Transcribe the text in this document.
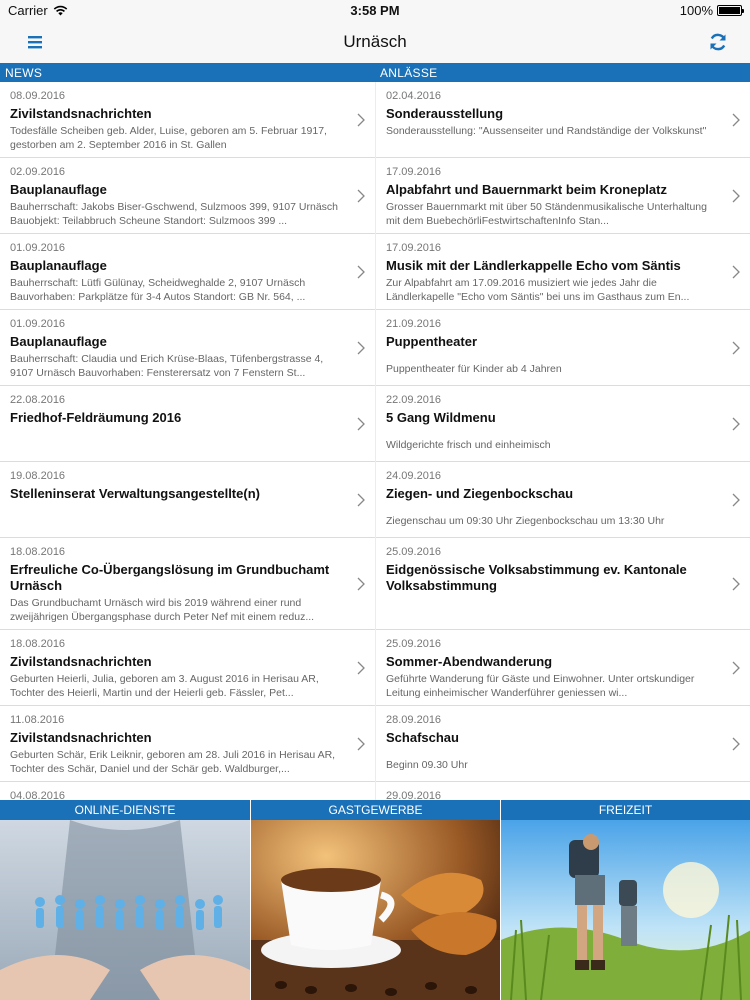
Carrier	3:58 PM	100%
Urnäsch
NEWS	ANLÄSSE
08.09.2016
Zivilstandsnachrichten
Todesfälle Scheiben geb. Alder, Luise, geboren am 5. Februar 1917, gestorben am 2. September 2016 in St. Gallen
02.09.2016
Bauplanauflage
Bauherrschaft: Jakobs Biser-Gschwend, Sulzmoos 399, 9107 Urnäsch Bauobjekt: Teilabbruch Scheune Standort: Sulzmoos 399 ...
01.09.2016
Bauplanauflage
Bauherrschaft: Lütfi Gülünay, Scheidweghalde 2, 9107 Urnäsch Bauvorhaben: Parkplätze für 3-4 Autos Standort: GB Nr. 564, ...
01.09.2016
Bauplanauflage
Bauherrschaft: Claudia und Erich Krüse-Blaas, Tüfenbergstrasse 4, 9107 Urnäsch Bauvorhaben: Fensterersatz von 7 Fenstern St...
22.08.2016
Friedhof-Feldräumung 2016
19.08.2016
Stelleninserat Verwaltungsangestellte(n)
18.08.2016
Erfreuliche Co-Übergangslösung im Grundbuchamt Urnäsch
Das Grundbuchamt Urnäsch wird bis 2019 während einer rund zweijährigen Übergangsphase durch Peter Nef mit einem reduz...
18.08.2016
Zivilstandsnachrichten
Geburten Heierli, Julia, geboren am 3. August 2016 in Herisau AR, Tochter des Heierli, Martin und der Heierli geb. Fässler, Pet...
11.08.2016
Zivilstandsnachrichten
Geburten Schär, Erik Leiknir, geboren am 28. Juli 2016 in Herisau AR, Tochter des Schär, Daniel und der Schär geb. Waldburger,...
04.08.2016
02.04.2016
Sonderausstellung
Sonderausstellung: "Aussenseiter und Randständige der Volkskunst"
17.09.2016
Alpabfahrt und Bauernmarkt beim Kroneplatz
Grosser Bauernmarkt mit über 50 Ständenmusikalische Unterhaltung mit dem BuebechörliFestwirtschaftenInfo Stan...
17.09.2016
Musik mit der Ländlerkappelle Echo vom Säntis
Zur Alpabfahrt am 17.09.2016 musiziert wie jedes Jahr die Ländlerkapelle "Echo vom Säntis" bei uns im Gasthaus zum En...
21.09.2016
Puppentheater
Puppentheater für Kinder ab 4 Jahren
22.09.2016
5 Gang Wildmenu
Wildgerichte frisch und einheimisch
24.09.2016
Ziegen- und Ziegenbockschau
Ziegenschau um 09:30 Uhr Ziegenbockschau um 13:30 Uhr
25.09.2016
Eidgenössische Volksabstimmung ev. Kantonale Volksabstimmung
25.09.2016
Sommer-Abendwanderung
Geführte Wanderung für Gäste und Einwohner. Unter ortskundiger Leitung einheimischer Wanderführer geniessen wi...
28.09.2016
Schafschau
Beginn 09.30 Uhr
29.09.2016
ONLINE-DIENSTE	GASTGEWERBE	FREIZEIT
